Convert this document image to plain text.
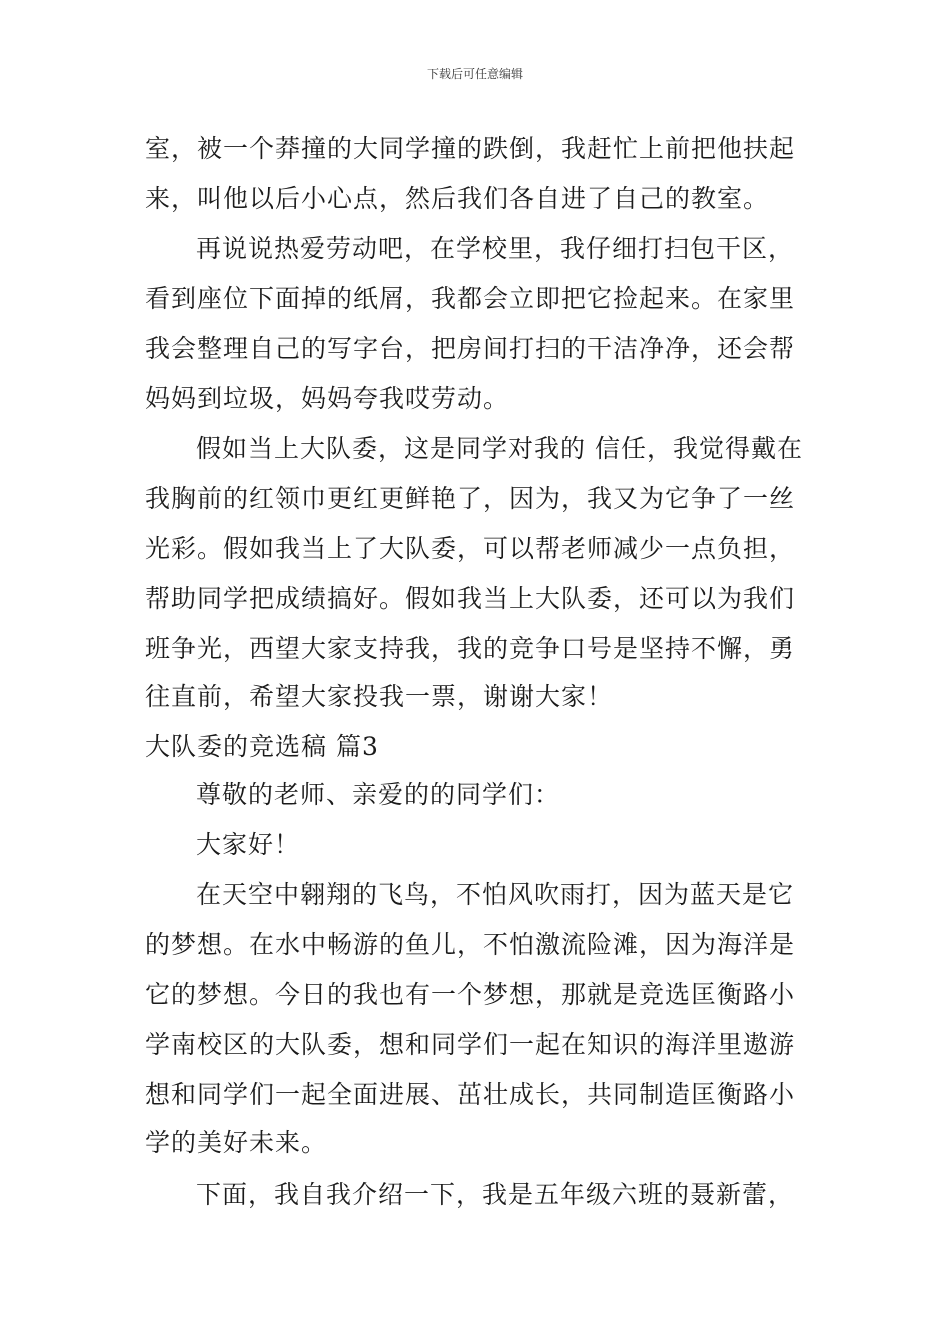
下载后可任意编辑
室，被一个莽撞的大同学撞的跌倒，我赶忙上前把他扶起
来，叫他以后小心点，然后我们各自进了自己的教室。
再说说热爱劳动吧，在学校里，我仔细打扫包干区，
看到座位下面掉的纸屑，我都会立即把它捡起来。在家里
我会整理自己的写字台，把房间打扫的干洁净净，还会帮
妈妈到垃圾，妈妈夸我哎劳动。
假如当上大队委，这是同学对我的 信任，我觉得戴在
我胸前的红领巾更红更鲜艳了，因为，我又为它争了一丝
光彩。假如我当上了大队委，可以帮老师减少一点负担，
帮助同学把成绩搞好。假如我当上大队委，还可以为我们
班争光，西望大家支持我，我的竞争口号是坚持不懈，勇
往直前，希望大家投我一票，谢谢大家！
大队委的竞选稿 篇3
尊敬的老师、亲爱的的同学们：
大家好！
在天空中翱翔的飞鸟，不怕风吹雨打，因为蓝天是它
的梦想。在水中畅游的鱼儿，不怕激流险滩，因为海洋是
它的梦想。今日的我也有一个梦想，那就是竞选匡衡路小
学南校区的大队委，想和同学们一起在知识的海洋里遨游
想和同学们一起全面进展、茁壮成长，共同制造匡衡路小
学的美好未来。
下面，我自我介绍一下，我是五年级六班的聂新蕾，
